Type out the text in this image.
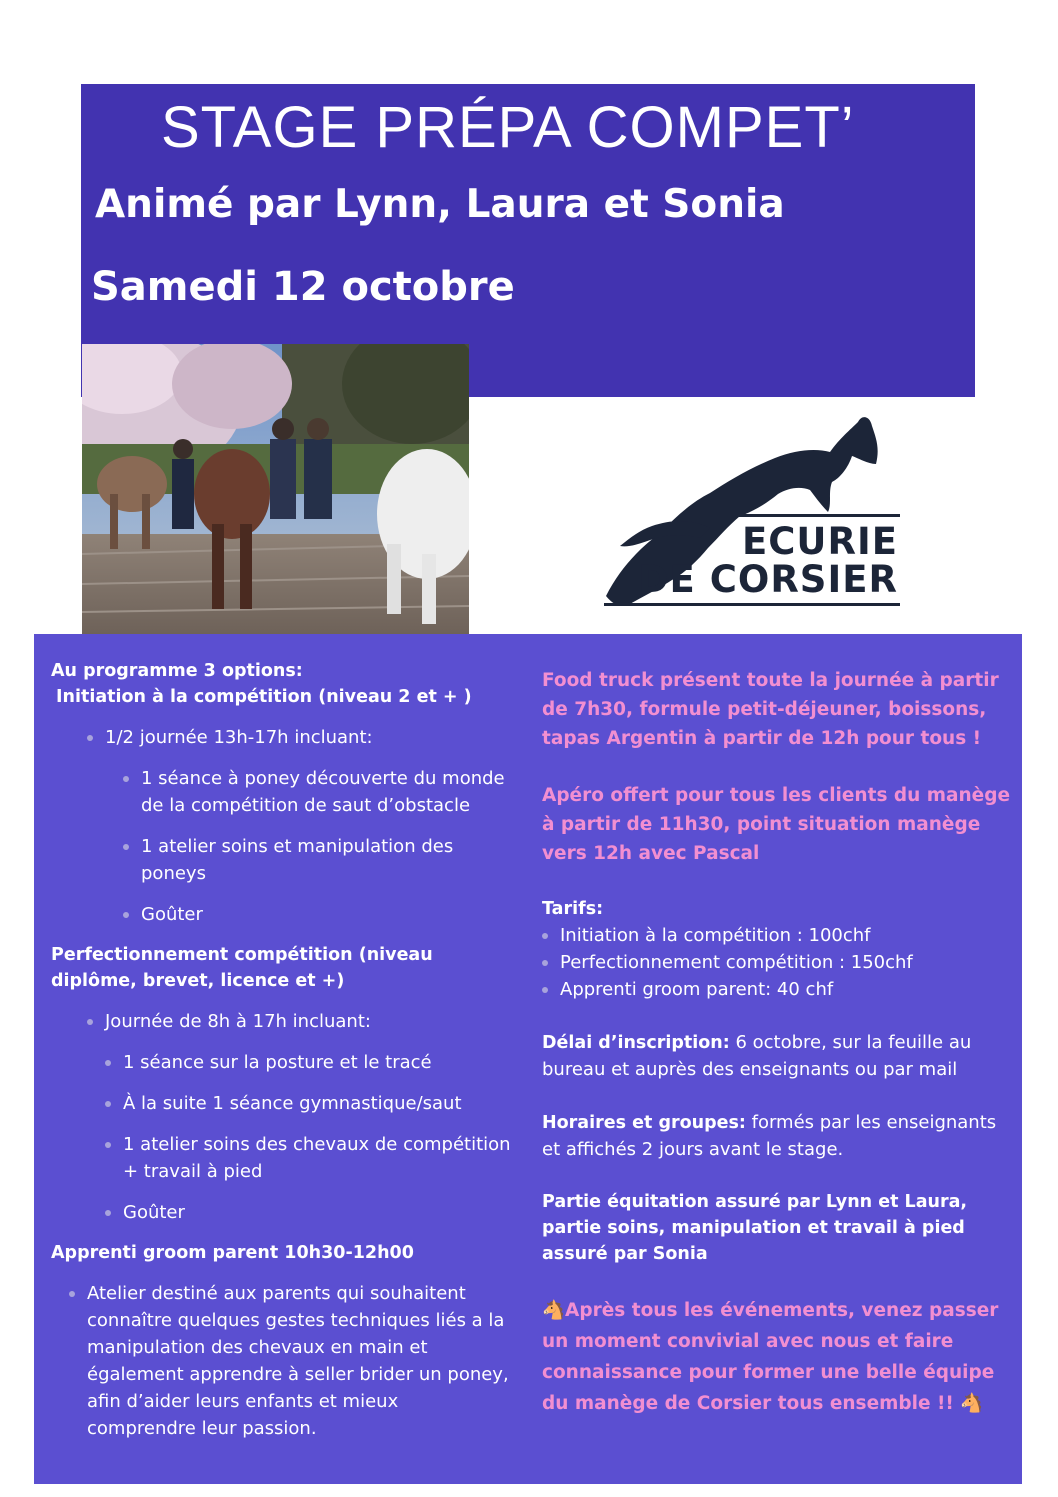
STAGE PRÉPA COMPET’
Animé par Lynn, Laura et Sonia
Samedi 12 octobre
ECURIE
DE CORSIER
Au programme 3 options:
Initiation à la compétition (niveau 2 et + )
1/2 journée 13h-17h incluant:
1 séance à poney découverte du monde de la compétition de saut d’obstacle
1 atelier soins et manipulation des poneys
Goûter
Perfectionnement compétition (niveau diplôme, brevet, licence et +)
Journée de 8h à 17h incluant:
1 séance sur la posture et le tracé
À la suite 1 séance gymnastique/saut
1 atelier soins des chevaux de compétition + travail à pied
Goûter
Apprenti groom parent 10h30-12h00
Atelier destiné aux parents qui souhaitent connaître quelques gestes techniques liés a la manipulation des chevaux en main et également apprendre à seller brider un poney, afin d’aider leurs enfants et mieux comprendre leur passion.
Food truck présent toute la journée à partir de 7h30, formule petit-déjeuner, boissons, tapas Argentin à partir de 12h pour tous !
Apéro offert pour tous les clients du manège à partir de 11h30, point situation manège vers 12h avec Pascal
Tarifs:
Initiation à la compétition : 100chf
Perfectionnement compétition : 150chf
Apprenti groom parent: 40 chf
Délai d’inscription: 6 octobre, sur la feuille au bureau et auprès des enseignants ou par mail
Horaires et groupes: formés par les enseignants et affichés 2 jours avant le stage.
Partie équitation assuré par Lynn et Laura, partie soins, manipulation et travail à pied assuré par Sonia
🐴Après tous les événements, venez passer un moment convivial avec nous et faire connaissance pour former une belle équipe du manège de Corsier tous ensemble !! 🐴
